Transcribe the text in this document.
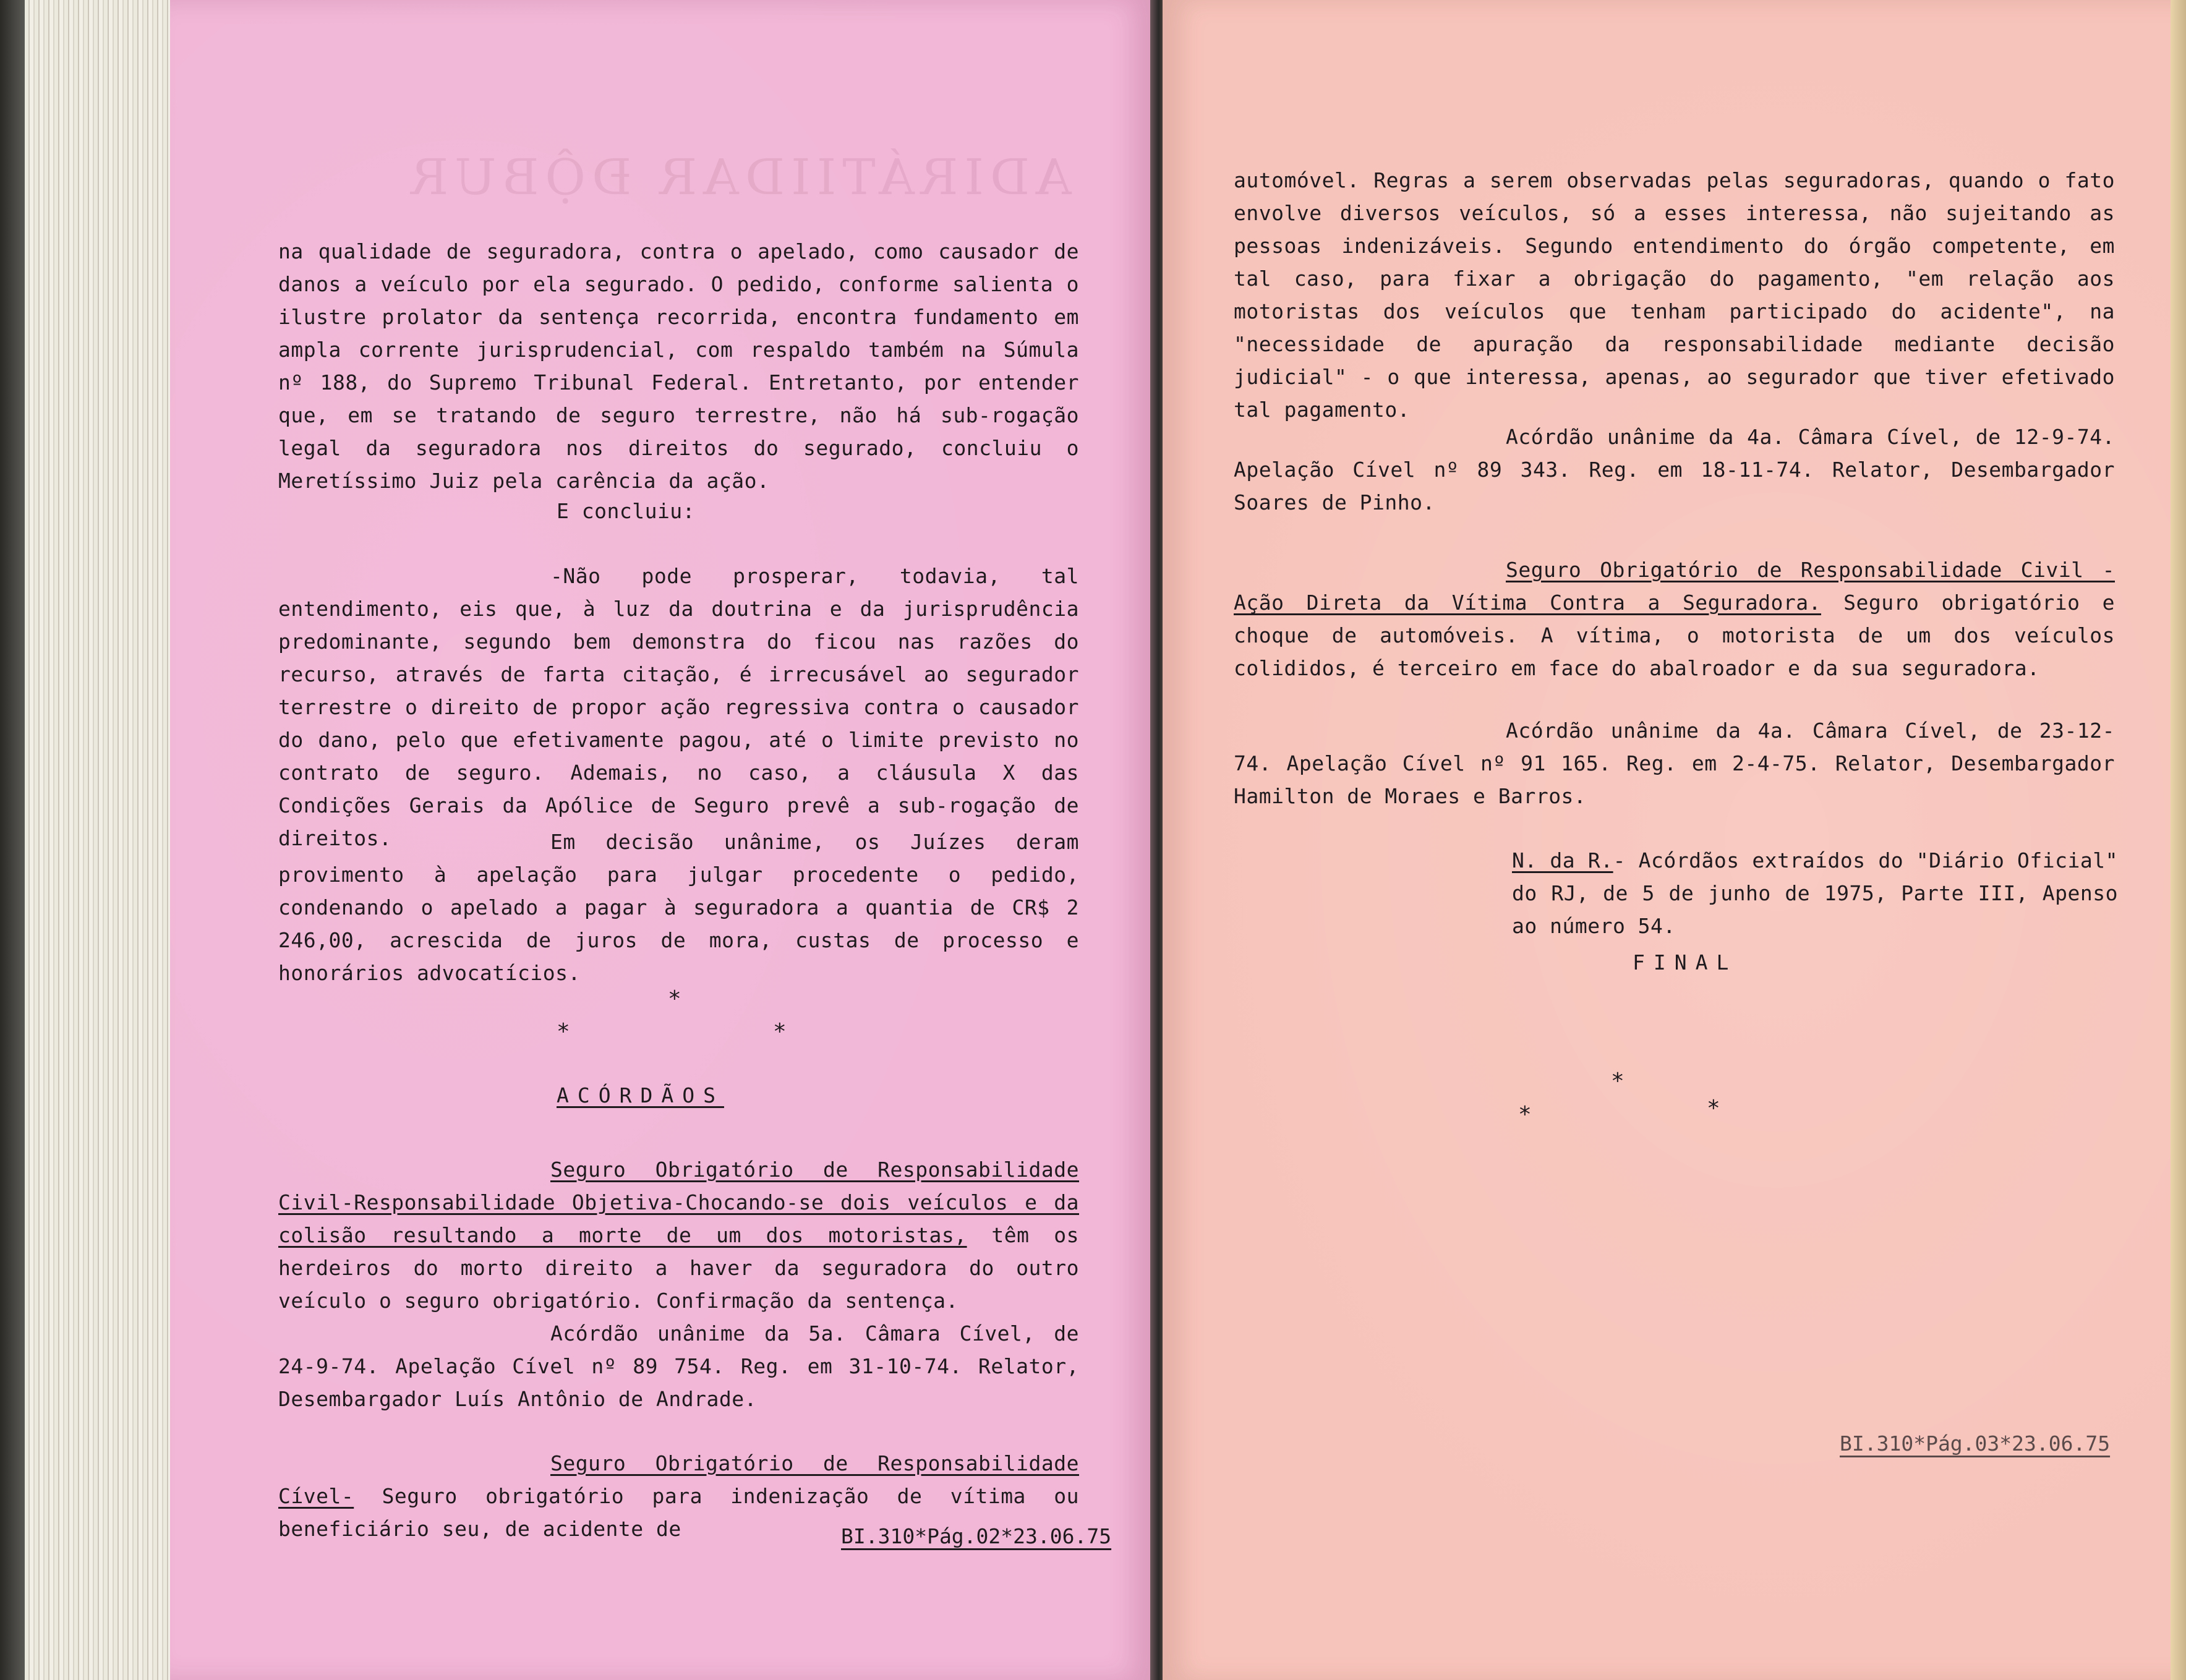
ADIRÁTIIDAR ĐỘBUR

na qualidade de seguradora, contra o apelado, como causador de danos a veículo por ela segurado. O pedido, conforme salienta o ilustre prolator da sentença recorrida, encontra fundamento em ampla corrente jurisprudencial, com respaldo também na Súmula nº 188, do Supremo Tribunal Federal. Entretanto, por entender que, em se tratando de seguro terrestre, não há sub-rogação legal da seguradora nos direitos do segurado, concluiu o Meretíssimo Juiz pela carência da ação.

E concluiu:

-Não pode prosperar, todavia, tal entendimento, eis que, à luz da doutrina e da jurisprudência predominante, segundo bem demonstra do ficou nas razões do recurso, através de farta citação, é irrecusável ao segurador terrestre o direito de propor ação regressiva contra o causador do dano, pelo que efetivamente pagou, até o limite previsto no contrato de seguro. Ademais, no caso, a cláusula X das Condições Gerais da Apólice de Seguro prevê a sub-rogação de direitos.	Em decisão unânime, os Juízes deram provimento à apelação para julgar procedente o pedido, condenando o apelado a pagar à seguradora a quantia de CR$ 2 246,00, acrescida de juros de mora, custas de processo e honorários advocatícios.

*
*	*
ACÓRDÃOS

Seguro Obrigatório de Responsabilidade Civil-Responsabilidade Objetiva-Chocando-se dois veículos e da colisão resultando a morte de um dos motoristas, têm os herdeiros do morto direito a haver da seguradora do outro veículo o seguro obrigatório. Confirmação da sentença.

Acórdão unânime da 5a. Câmara Cível, de 24-9-74. Apelação Cível nº 89 754. Reg. em 31-10-74. Relator, Desembargador Luís Antônio de Andrade.

Seguro Obrigatório de Responsabilidade Cível- Seguro obrigatório para indenização de vítima ou beneficiário seu, de acidente de	BI.310*Pág.02*23.06.75

automóvel. Regras a serem observadas pelas seguradoras, quando o fato envolve diversos veículos, só a esses interessa, não sujeitando as pessoas indenizáveis. Segundo entendimento do órgão competente, em tal caso, para fixar a obrigação do pagamento, "em relação aos motoristas dos veículos que tenham participado do acidente", na "necessidade de apuração da responsabilidade mediante decisão judicial" - o que interessa, apenas, ao segurador que tiver efetivado tal pagamento.

Acórdão unânime da 4a. Câmara Cível, de 12-9-74. Apelação Cível nº 89 343. Reg. em 18-11-74. Relator, Desembargador Soares de Pinho.

Seguro Obrigatório de Responsabilidade Civil - Ação Direta da Vítima Contra a Seguradora. Seguro obrigatório e choque de automóveis. A vítima, o motorista de um dos veículos colididos, é terceiro em face do abalroador e da sua seguradora.

Acórdão unânime da 4a. Câmara Cível, de 23-12-74. Apelação Cível nº 91 165. Reg. em 2-4-75. Relator, Desembargador Hamilton de Moraes e Barros.

N. da R.- Acórdãos extraídos do "Diário Oficial" do RJ, de 5 de junho de 1975, Parte III, Apenso ao número 54.

FINAL
*
*	*
BI.310*Pág.03*23.06.75
